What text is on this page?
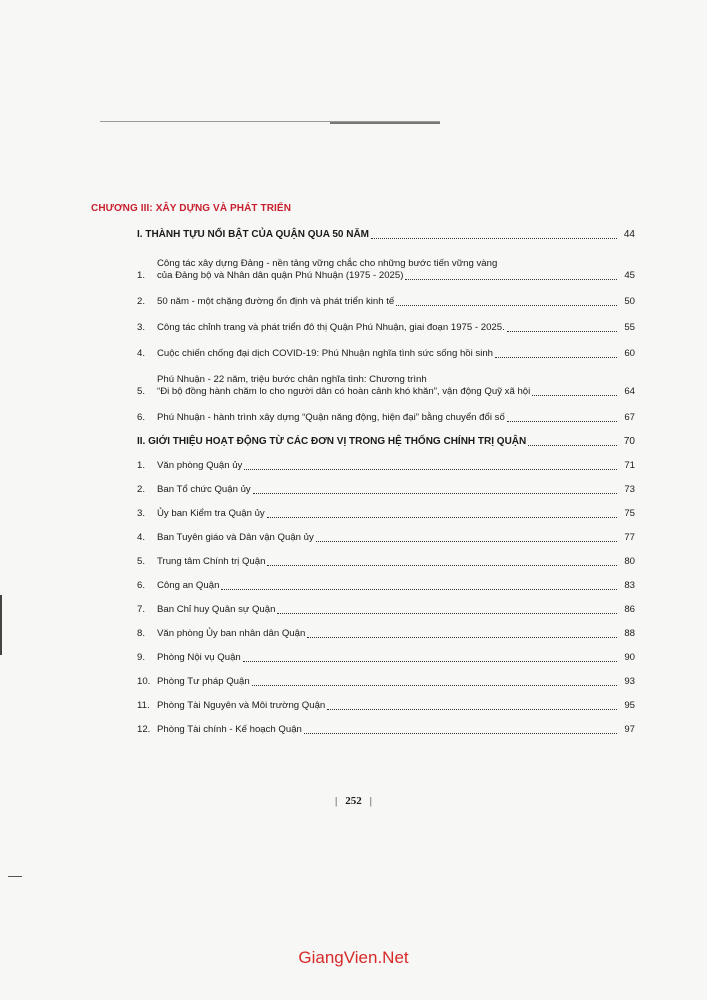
CHƯƠNG III: XÂY DỰNG VÀ PHÁT TRIỂN
I. THÀNH TỰU NỔI BẬT CỦA QUẬN QUA 50 NĂM	44
1.
Công tác xây dựng Đảng - nền tảng vững chắc cho những bước tiến vững vàng
của Đảng bộ và Nhân dân quận Phú Nhuận (1975 - 2025)	45
2.	50 năm - một chặng đường ổn định và phát triển kinh tế	50
3.	Công tác chỉnh trang và phát triển đô thị Quận Phú Nhuận, giai đoạn 1975 - 2025.	55
4.	Cuộc chiến chống đại dịch COVID-19: Phú Nhuận nghĩa tình sức sống hồi sinh	60
5.
Phú Nhuận - 22 năm, triệu bước chân nghĩa tình: Chương trình
“Đi bộ đồng hành chăm lo cho người dân có hoàn cảnh khó khăn”, vận động Quỹ xã hội	64
6.	Phú Nhuận - hành trình xây dựng “Quận năng động, hiện đại” bằng chuyển đổi số	67
II. GIỚI THIỆU HOẠT ĐỘNG TỪ CÁC ĐƠN VỊ TRONG HỆ THỐNG CHÍNH TRỊ QUẬN	70
1.	Văn phòng Quận ủy	71
2.	Ban Tổ chức Quận ủy	73
3.	Ủy ban Kiểm tra Quận ủy	75
4.	Ban Tuyên giáo và Dân vận Quận ủy	77
5.	Trung tâm Chính trị Quận	80
6.	Công an Quận	83
7.	Ban Chỉ huy Quân sự Quận	86
8.	Văn phòng Ủy ban nhân dân Quận	88
9.	Phòng Nội vụ Quận	90
10. Phòng Tư pháp Quận	93
11. Phòng Tài Nguyên và Môi trường Quận	95
12. Phòng Tài chính - Kế hoạch Quận	97
| 252 |
GiangVien.Net
